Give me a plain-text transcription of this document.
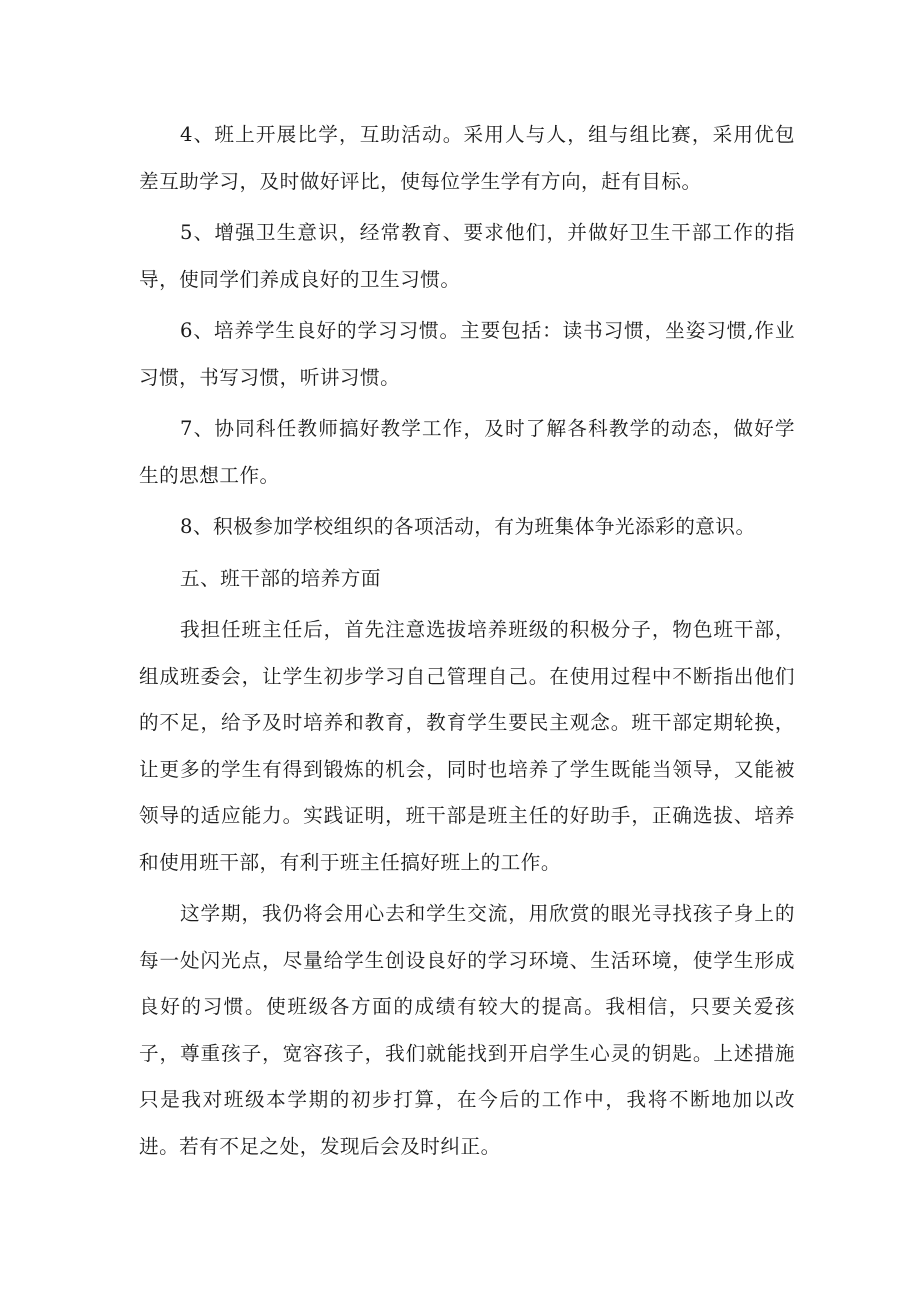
4、班上开展比学，互助活动。采用人与人，组与组比赛，采用优包差互助学习，及时做好评比，使每位学生学有方向，赶有目标。

5、增强卫生意识，经常教育、要求他们，并做好卫生干部工作的指导，使同学们养成良好的卫生习惯。

6、培养学生良好的学习习惯。主要包括：读书习惯，坐姿习惯,作业习惯，书写习惯，听讲习惯。

7、协同科任教师搞好教学工作，及时了解各科教学的动态，做好学生的思想工作。

8、积极参加学校组织的各项活动，有为班集体争光添彩的意识。

五、班干部的培养方面

我担任班主任后，首先注意选拔培养班级的积极分子，物色班干部，组成班委会，让学生初步学习自己管理自己。在使用过程中不断指出他们的不足，给予及时培养和教育，教育学生要民主观念。班干部定期轮换，让更多的学生有得到锻炼的机会，同时也培养了学生既能当领导，又能被领导的适应能力。实践证明，班干部是班主任的好助手，正确选拔、培养和使用班干部，有利于班主任搞好班上的工作。

这学期，我仍将会用心去和学生交流，用欣赏的眼光寻找孩子身上的每一处闪光点，尽量给学生创设良好的学习环境、生活环境，使学生形成良好的习惯。使班级各方面的成绩有较大的提高。我相信，只要关爱孩子，尊重孩子，宽容孩子，我们就能找到开启学生心灵的钥匙。上述措施只是我对班级本学期的初步打算，在今后的工作中，我将不断地加以改进。若有不足之处，发现后会及时纠正。
